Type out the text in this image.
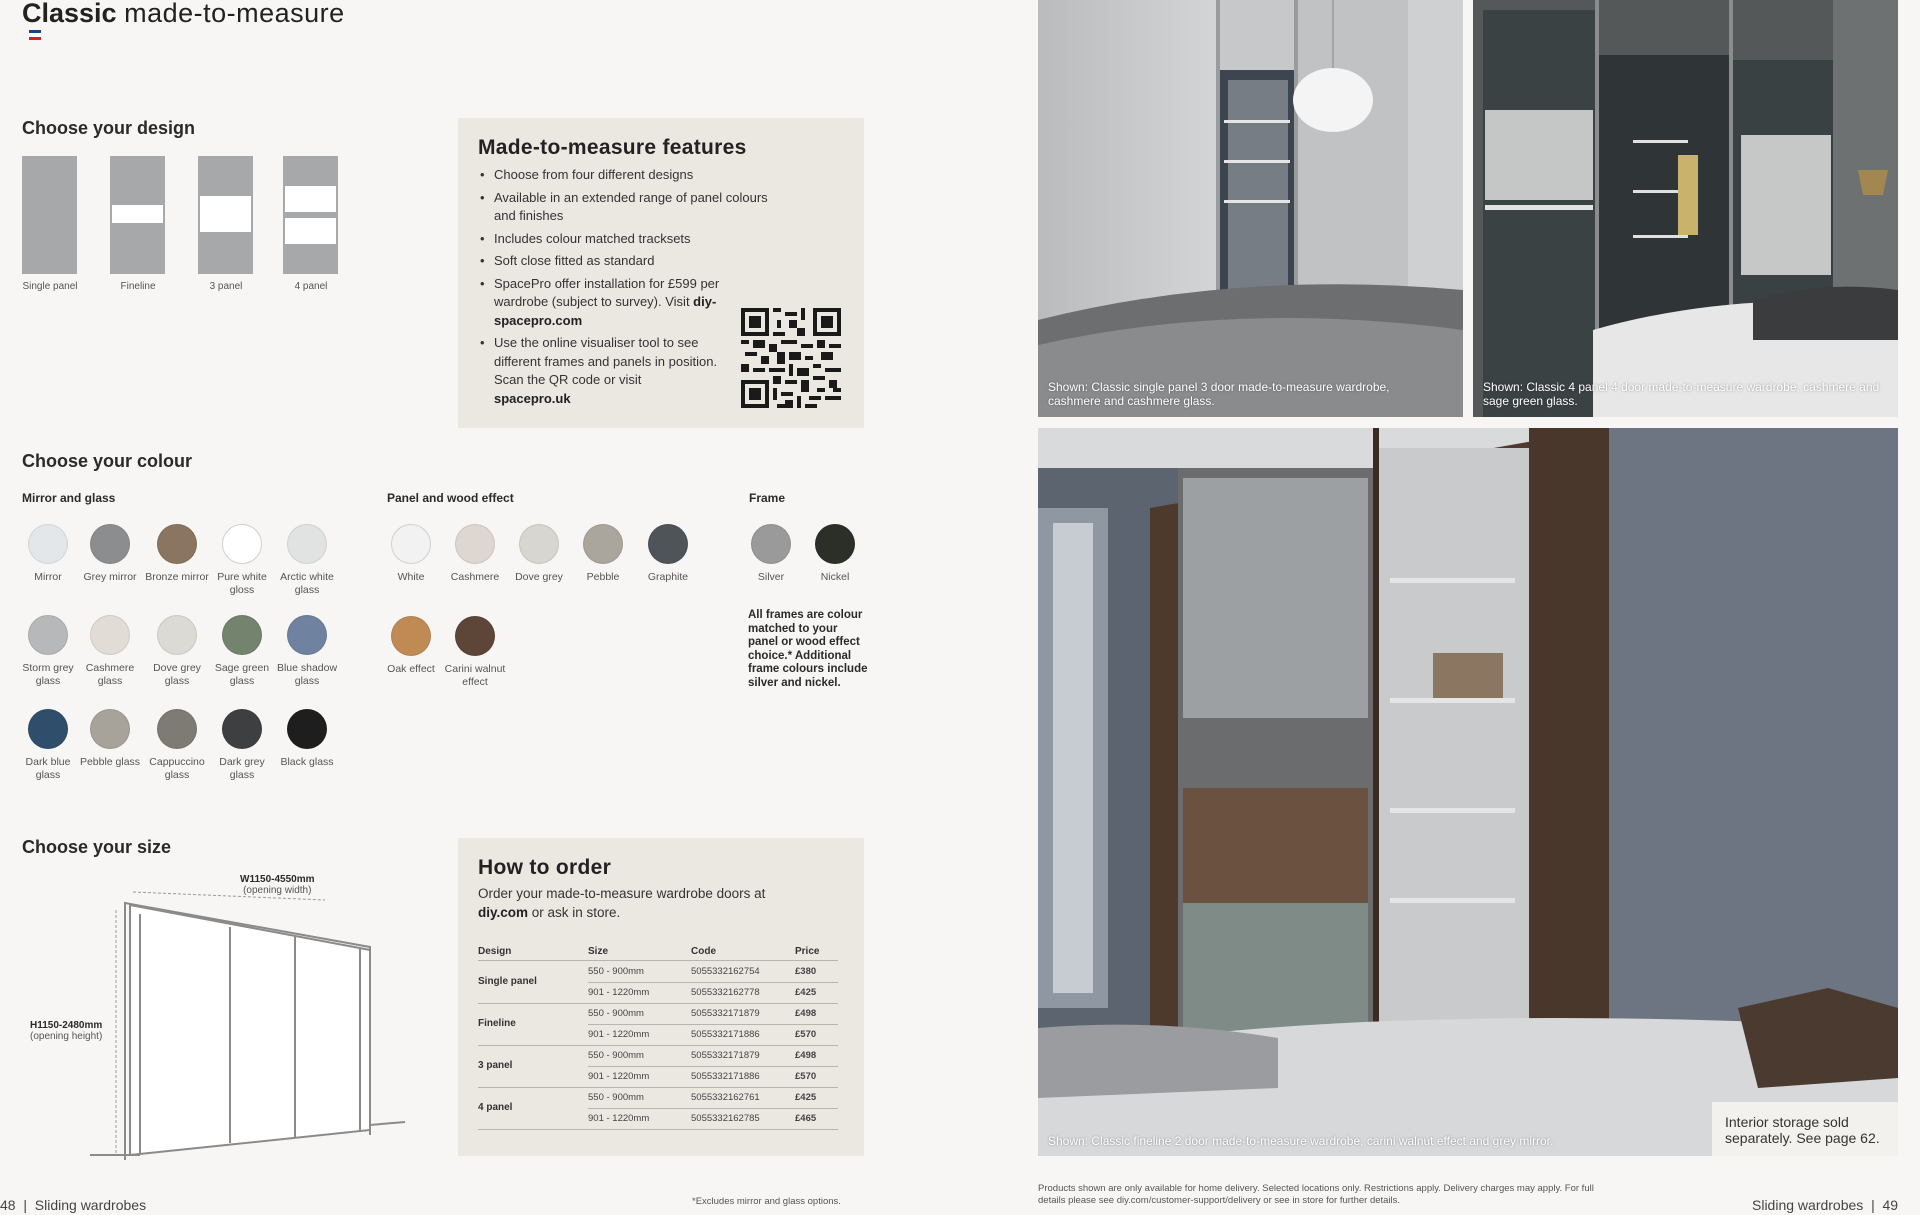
Classic made-to-measure
Choose your design
Single panel	Fineline	3 panel	4 panel
Made-to-measure features
• Choose from four different designs
• Available in an extended range of panel colours and finishes
• Includes colour matched tracksets
• Soft close fitted as standard
• SpacePro offer installation for £599 per wardrobe (subject to survey). Visit diy-spacepro.com
• Use the online visualiser tool to see different frames and panels in position. Scan the QR code or visit spacepro.uk
Choose your colour
Mirror and glass	Panel and wood effect	Frame
Mirror	Grey mirror Bronze mirror Pure white gloss
Arctic white glass
Storm grey glass
Cashmere glass
Dove grey glass
Sage green glass
Blue shadow glass
Dark blue glass
Pebble glass Cappuccino glass
Dark grey glass
Black glass
White	Cashmere	Dove grey	Pebble	Graphite
Oak effect Carini walnut effect
Silver	Nickel
All frames are colour matched to your panel or wood effect choice.* Additional frame colours include silver and nickel.
Choose your size
W1150-4550mm
(opening width)
H1150-2480mm
(opening height)
How to order

Order your made-to-measure wardrobe doors at diy.com or ask in store.

Design	Size	Code	Price
Single panel
550 - 900mm	5055332162754	£380
901 - 1220mm	5055332162778	£425
Fineline
550 - 900mm	5055332171879	£498
901 - 1220mm	5055332171886	£570
3 panel
550 - 900mm	5055332171879	£498
901 - 1220mm	5055332171886	£570
4 panel
550 - 900mm	5055332162761	£425
901 - 1220mm	5055332162785	£465
48  |  Sliding wardrobes	*Excludes mirror and glass options.
Shown: Classic single panel 3 door made-to-measure wardrobe, cashmere and cashmere glass.
Shown: Classic 4 panel 4 door made-to-measure wardrobe, cashmere and sage green glass.
Shown: Classic fineline 2 door made-to-measure wardrobe, carini walnut effect and grey mirror.
Interior storage sold separately. See page 62.
Products shown are only available for home delivery. Selected locations only. Restrictions apply. Delivery charges may apply. For full details please see diy.com/customer-support/delivery or see in store for further details.	Sliding wardrobes  |  49
